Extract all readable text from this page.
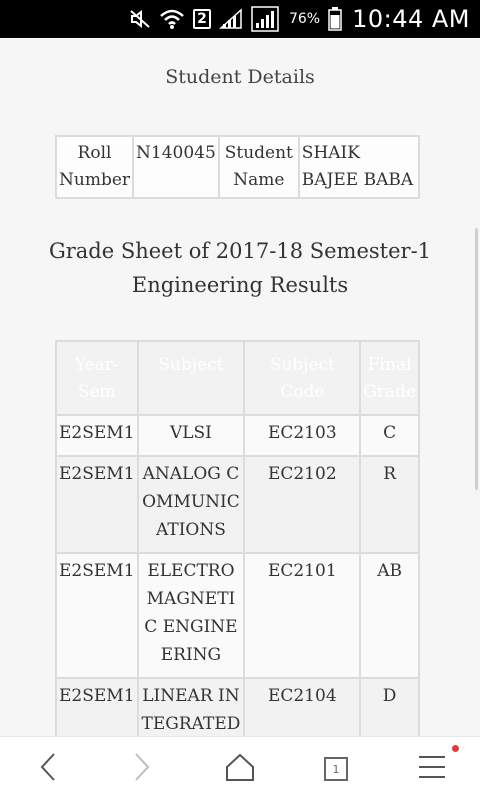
2	76% 10:44 AM
Student Details
Roll Number	N140045	Student Name	SHAIK BAJEE BABA
Grade Sheet of 2017-18 Semester-1 Engineering Results
Year-Sem	Subject	Subject Code	Final Grade
E2SEM1	VLSI	EC2103	C
E2SEM1	ANALOG COMMUNICATIONS	EC2102	R
E2SEM1	ELECTRO MAGNETIC ENGINEERING	EC2101	AB
E2SEM1	LINEAR INTEGRATED	EC2104	D
1
